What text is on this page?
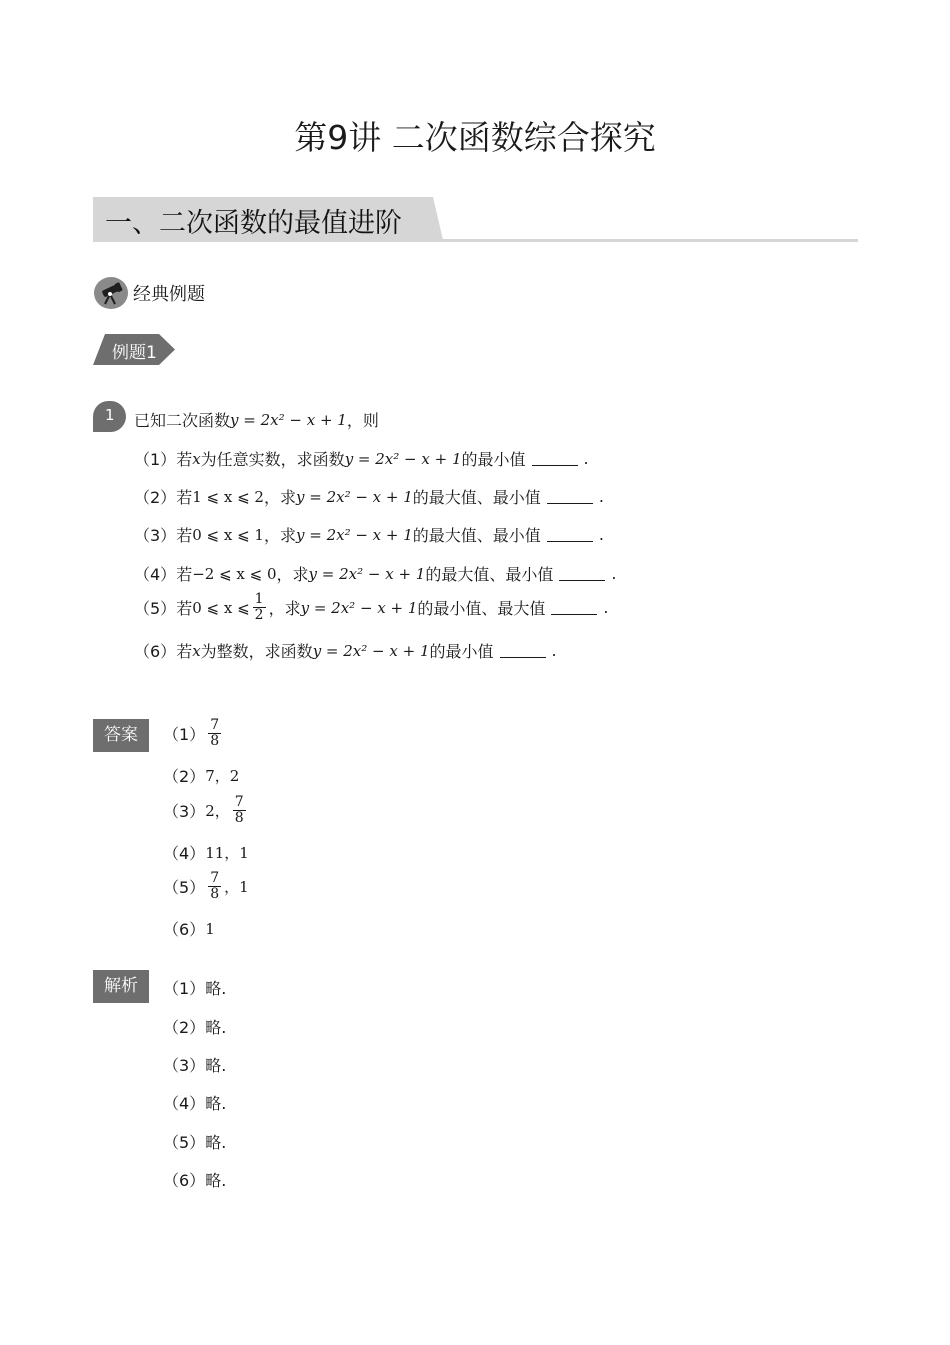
第9讲 二次函数综合探究
一、二次函数的最值进阶
经典例题
例题1
1 已知二次函数 y = 2x² − x + 1 ，则
（1） 若 x 为任意实数，求函数 y = 2x² − x + 1 的最小值	.
（2） 若 1 ⩽ x ⩽ 2 ，求 y = 2x² − x + 1 的最大值、最小值	.
（3） 若 0 ⩽ x ⩽ 1 ，求 y = 2x² − x + 1 的最大值、最小值	.
（4） 若 −2 ⩽ x ⩽ 0 ，求 y = 2x² − x + 1 的最大值、最小值	.
（5） 若 0 ⩽ x ⩽ $\frac{1}{2}$ ，求 y = 2x² − x + 1 的最小值、最大值	.
（6） 若 x 为整数，求函数 y = 2x² − x + 1 的最小值	.
答案	$(1) \frac{7}{8}$
（2） 7，2
（3） 2， $\frac{7}{8}$
（4） 11，1
$(5) \frac{7}{8}$ ，1
（6） 1
解析	（1） 略.
（2） 略.
（3） 略.
（4） 略.
（5） 略.
（6） 略.
